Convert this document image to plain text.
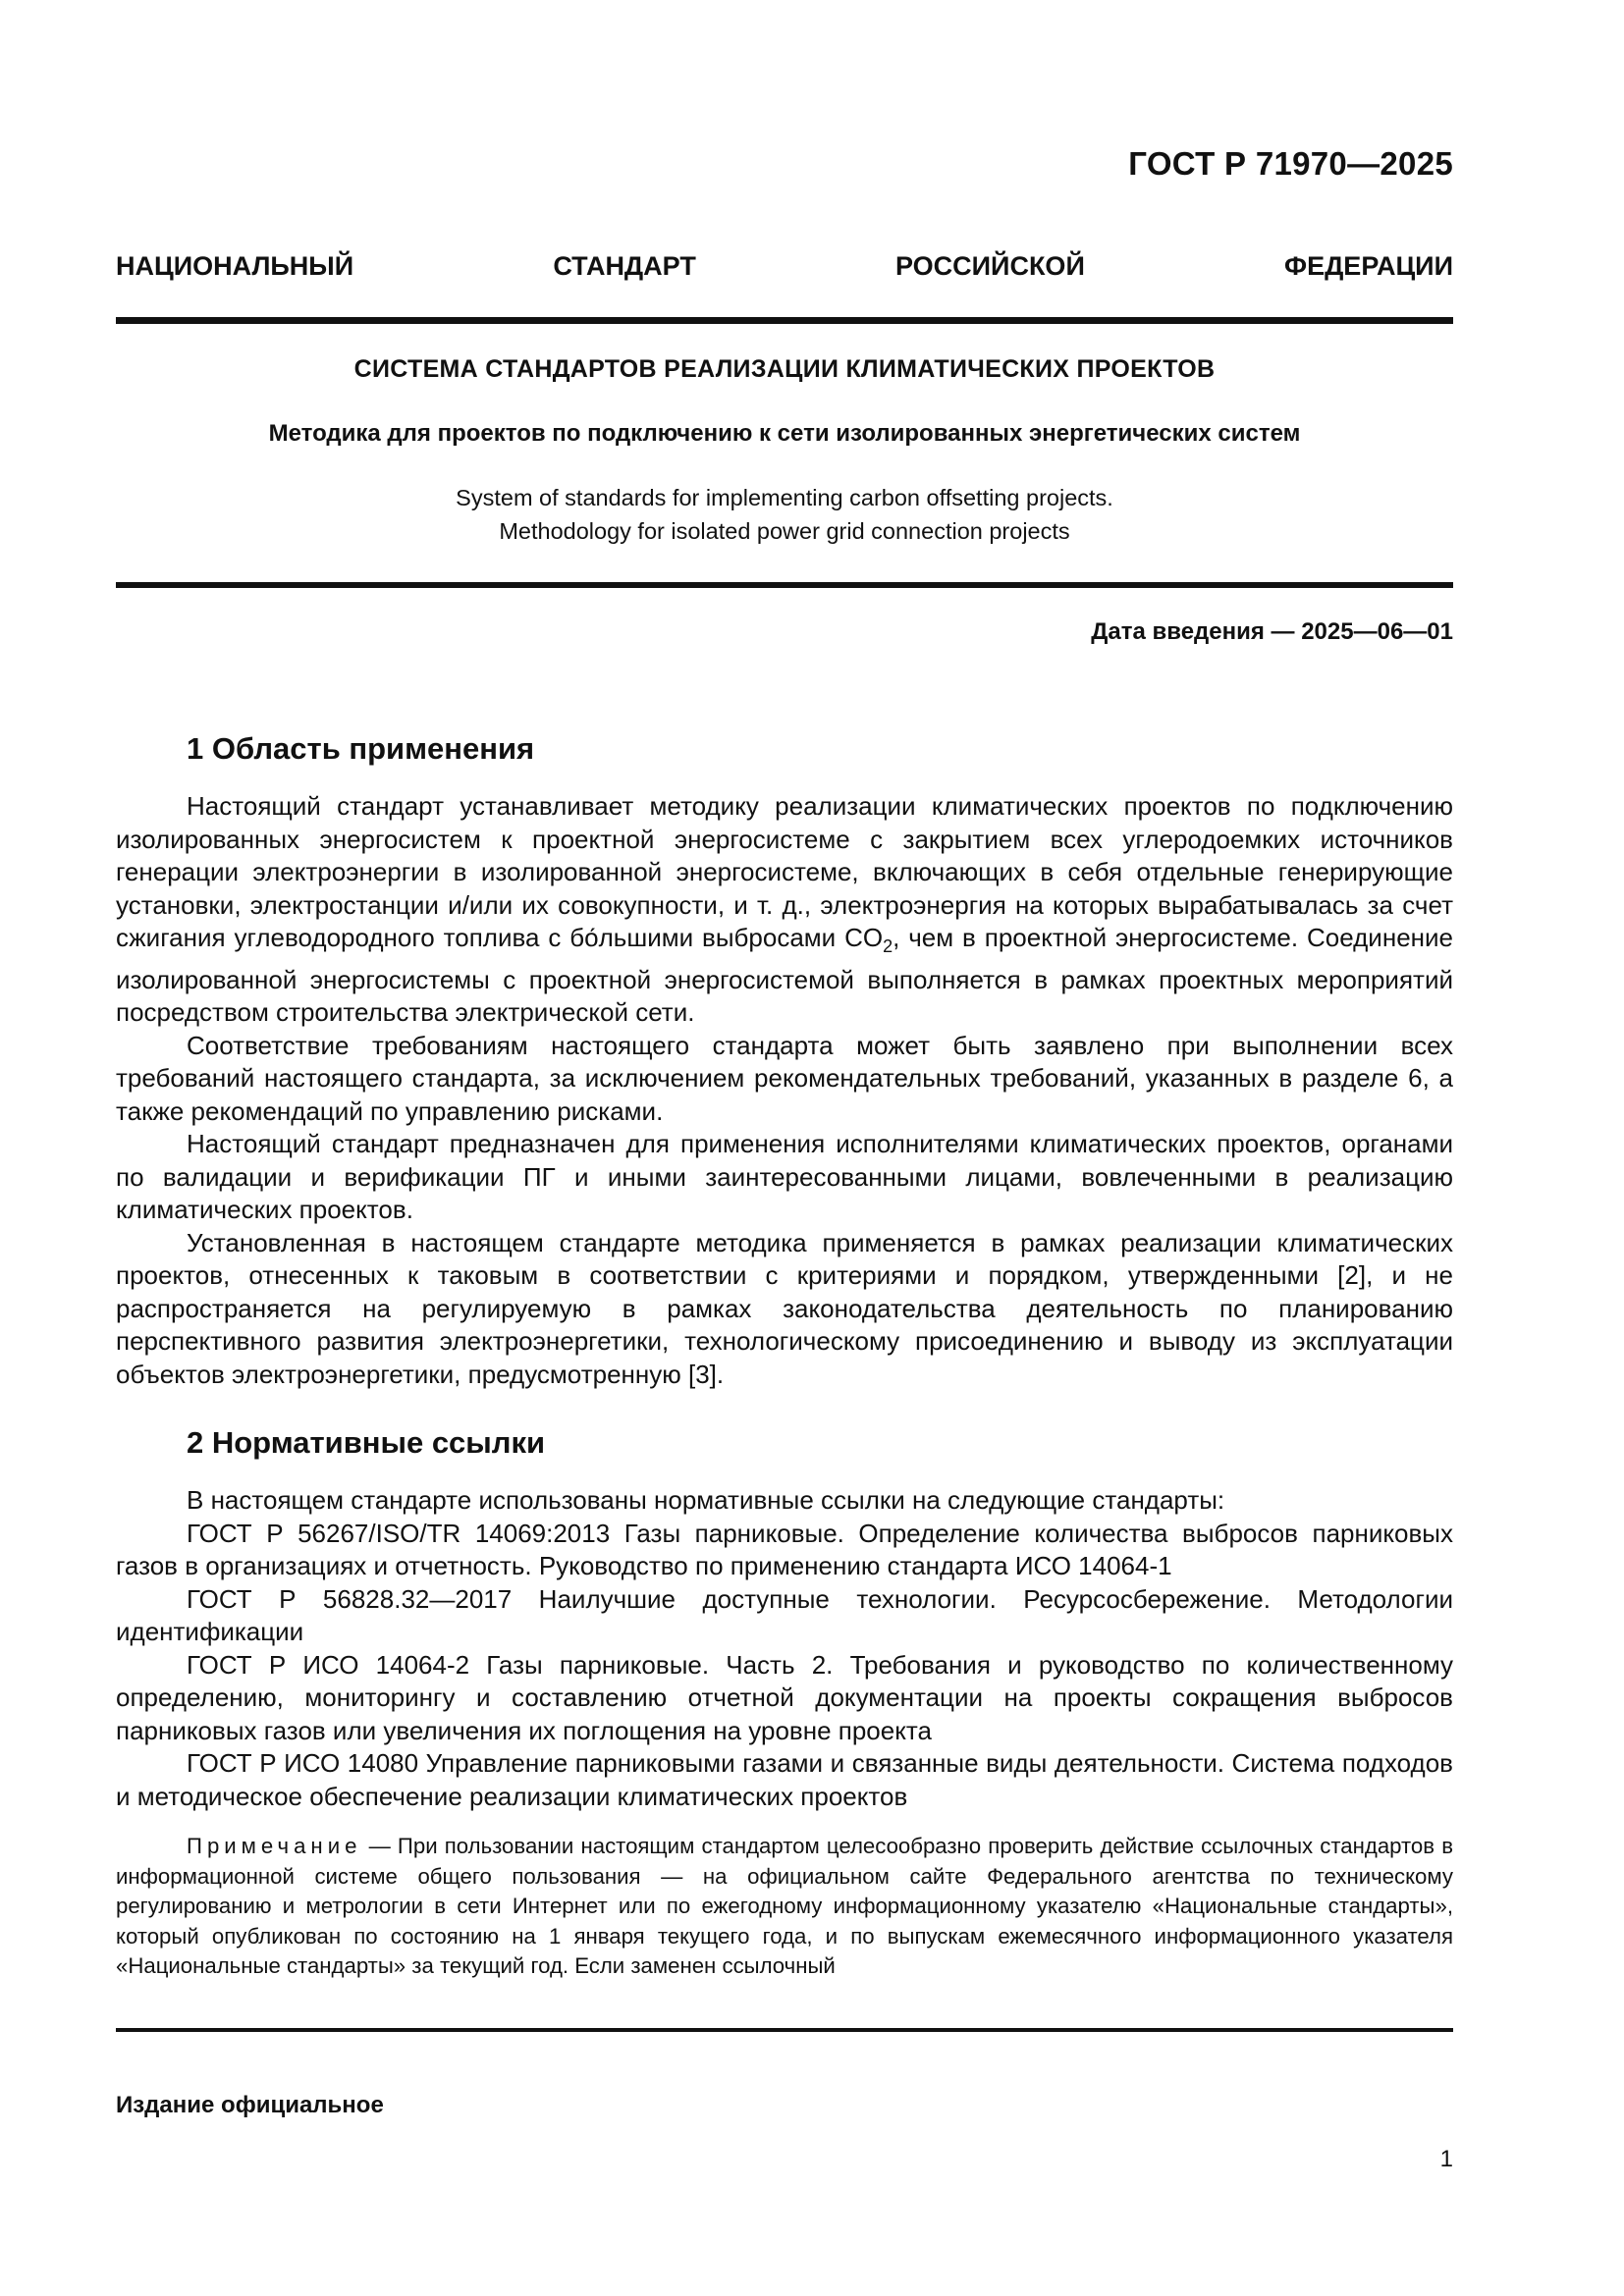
ГОСТ Р 71970—2025
НАЦИОНАЛЬНЫЙ СТАНДАРТ РОССИЙСКОЙ ФЕДЕРАЦИИ
СИСТЕМА СТАНДАРТОВ РЕАЛИЗАЦИИ КЛИМАТИЧЕСКИХ ПРОЕКТОВ
Методика для проектов по подключению к сети изолированных энергетических систем
System of standards for implementing carbon offsetting projects.
Methodology for isolated power grid connection projects
Дата введения — 2025—06—01
1 Область применения

Настоящий стандарт устанавливает методику реализации климатических проектов по подключению изолированных энергосистем к проектной энергосистеме с закрытием всех углеродоемких источников генерации электроэнергии в изолированной энергосистеме, включающих в себя отдельные генерирующие установки, электростанции и/или их совокупности, и т. д., электроэнергия на которых вырабатывалась за счет сжигания углеводородного топлива с бо́льшими выбросами $CO_2$, чем в проектной энергосистеме. Соединение изолированной энергосистемы с проектной энергосистемой выполняется в рамках проектных мероприятий посредством строительства электрической сети.

Соответствие требованиям настоящего стандарта может быть заявлено при выполнении всех требований настоящего стандарта, за исключением рекомендательных требований, указанных в разделе 6, а также рекомендаций по управлению рисками.

Настоящий стандарт предназначен для применения исполнителями климатических проектов, органами по валидации и верификации ПГ и иными заинтересованными лицами, вовлеченными в реализацию климатических проектов.

Установленная в настоящем стандарте методика применяется в рамках реализации климатических проектов, отнесенных к таковым в соответствии с критериями и порядком, утвержденными [2], и не распространяется на регулируемую в рамках законодательства деятельность по планированию перспективного развития электроэнергетики, технологическому присоединению и выводу из эксплуатации объектов электроэнергетики, предусмотренную [3].

2 Нормативные ссылки

В настоящем стандарте использованы нормативные ссылки на следующие стандарты:

ГОСТ Р 56267/ISO/TR 14069:2013 Газы парниковые. Определение количества выбросов парниковых газов в организациях и отчетность. Руководство по применению стандарта ИСО 14064-1

ГОСТ Р 56828.32—2017 Наилучшие доступные технологии. Ресурсосбережение. Методологии идентификации

ГОСТ Р ИСО 14064-2 Газы парниковые. Часть 2. Требования и руководство по количественному определению, мониторингу и составлению отчетной документации на проекты сокращения выбросов парниковых газов или увеличения их поглощения на уровне проекта

ГОСТ Р ИСО 14080 Управление парниковыми газами и связанные виды деятельности. Система подходов и методическое обеспечение реализации климатических проектов

Примечание — При пользовании настоящим стандартом целесообразно проверить действие ссылочных стандартов в информационной системе общего пользования — на официальном сайте Федерального агентства по техническому регулированию и метрологии в сети Интернет или по ежегодному информационному указателю «Национальные стандарты», который опубликован по состоянию на 1 января текущего года, и по выпускам ежемесячного информационного указателя «Национальные стандарты» за текущий год. Если заменен ссылочный

Издание официальное
1
